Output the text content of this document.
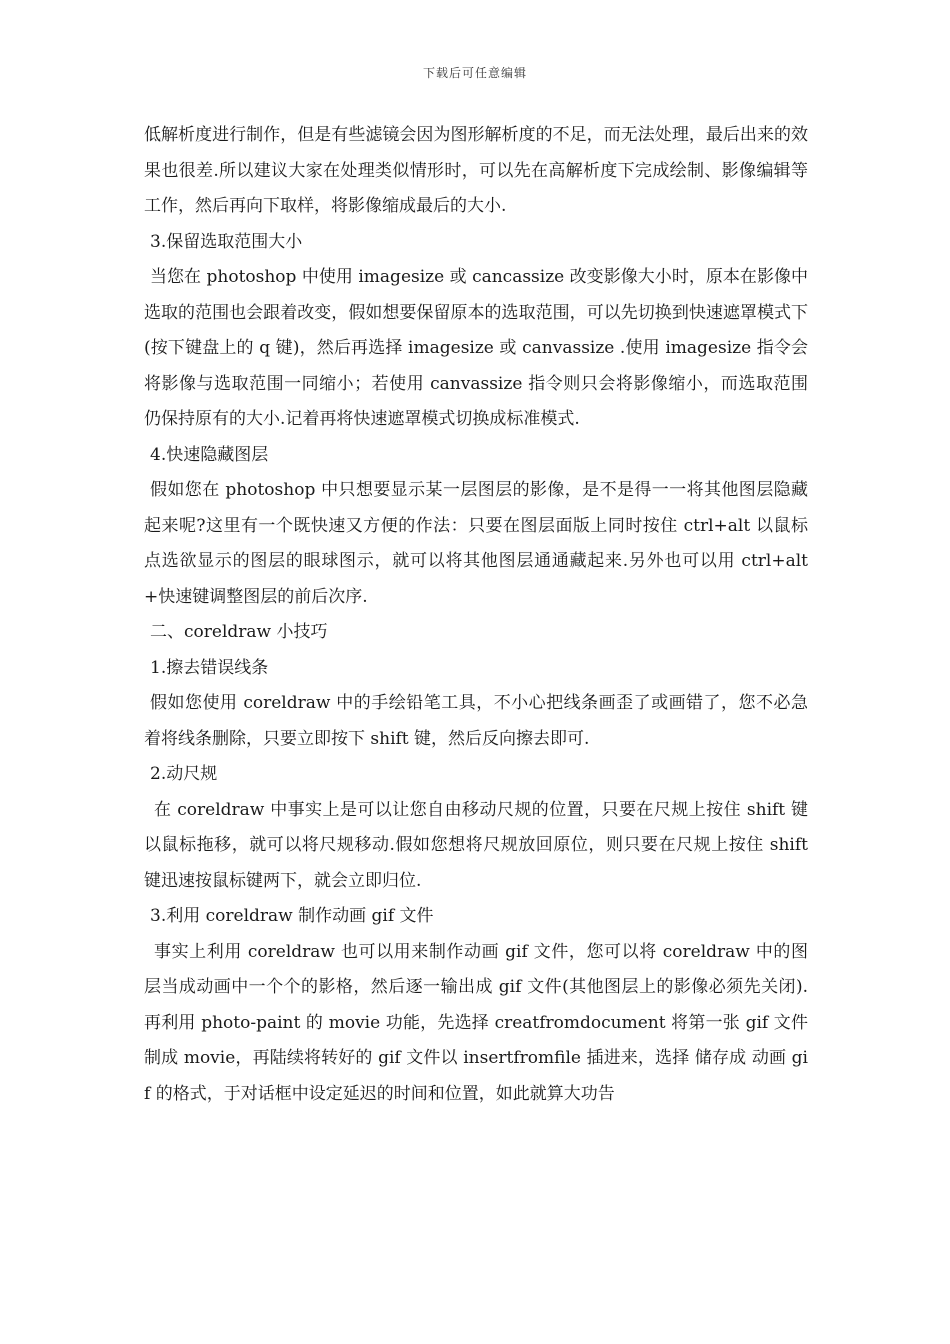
下载后可任意编辑

低解析度进行制作，但是有些滤镜会因为图形解析度的不足，而无法处理，最后出来的效果也很差.所以建议大家在处理类似情形时，可以先在高解析度下完成绘制、影像编辑等工作，然后再向下取样，将影像缩成最后的大小.

3.保留选取范围大小

当您在 photoshop 中使用 imagesize 或 cancassize 改变影像大小时，原本在影像中选取的范围也会跟着改变，假如想要保留原本的选取范围，可以先切换到快速遮罩模式下(按下键盘上的 q 键)，然后再选择 imagesize 或 canvassize .使用 imagesize 指令会将影像与选取范围一同缩小；若使用 canvassize 指令则只会将影像缩小，而选取范围仍保持原有的大小.记着再将快速遮罩模式切换成标准模式.

4.快速隐藏图层

假如您在 photoshop 中只想要显示某一层图层的影像，是不是得一一将其他图层隐藏起来呢?这里有一个既快速又方便的作法：只要在图层面版上同时按住 ctrl+alt 以鼠标点选欲显示的图层的眼球图示，就可以将其他图层通通藏起来.另外也可以用 ctrl+alt+快速键调整图层的前后次序.

二、coreldraw 小技巧

1.擦去错误线条

假如您使用 coreldraw 中的手绘铅笔工具，不小心把线条画歪了或画错了，您不必急着将线条删除，只要立即按下 shift 键，然后反向擦去即可.

2.动尺规

在 coreldraw 中事实上是可以让您自由移动尺规的位置，只要在尺规上按住 shift 键以鼠标拖移，就可以将尺规移动.假如您想将尺规放回原位，则只要在尺规上按住 shift 键迅速按鼠标键两下，就会立即归位.

3.利用 coreldraw 制作动画 gif 文件

事实上利用 coreldraw 也可以用来制作动画 gif 文件，您可以将 coreldraw 中的图层当成动画中一个个的影格，然后逐一输出成 gif 文件(其他图层上的影像必须先关闭).再利用 photo-paint 的 movie 功能，先选择 creatfromdocument 将第一张 gif 文件制成 movie，再陆续将转好的 gif 文件以 insertfromfile 插进来，选择 储存成 动画 gif 的格式，于对话框中设定延迟的时间和位置，如此就算大功告
